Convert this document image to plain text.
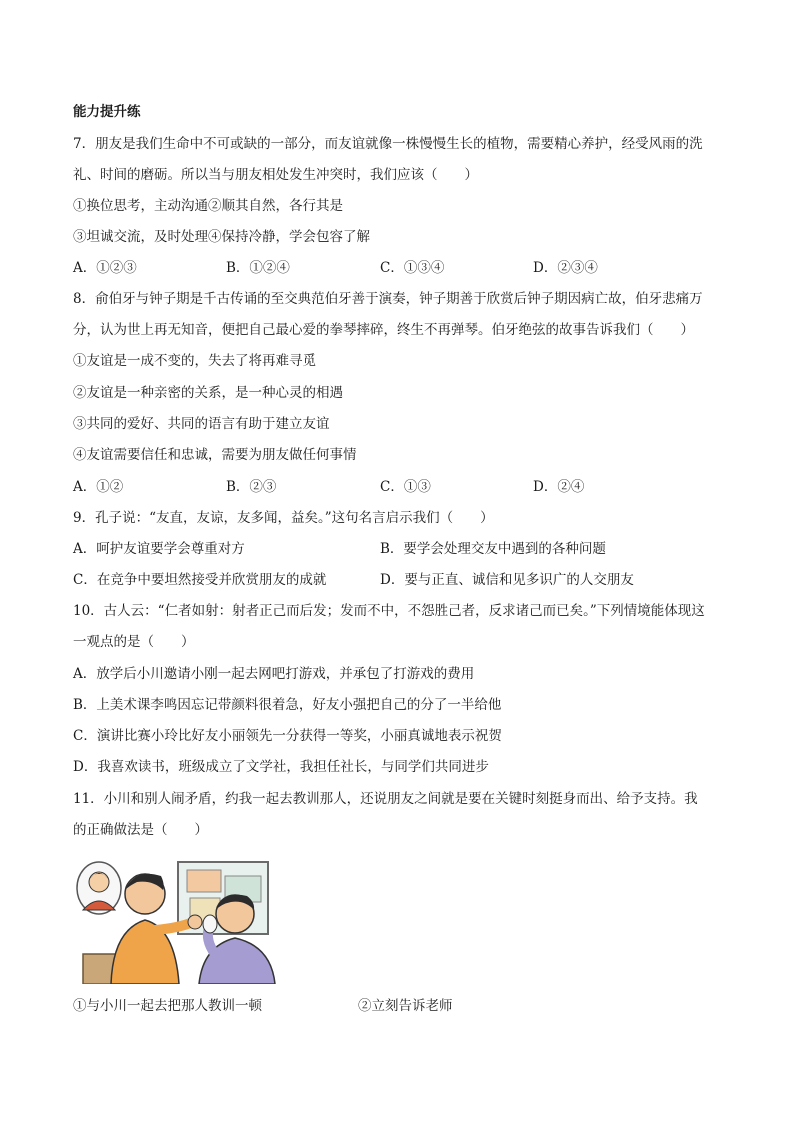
能力提升练
7．朋友是我们生命中不可或缺的一部分，而友谊就像一株慢慢生长的植物，需要精心养护，经受风雨的洗
礼、时间的磨砺。所以当与朋友相处发生冲突时，我们应该（　　）
①换位思考，主动沟通②顺其自然，各行其是
③坦诚交流，及时处理④保持冷静，学会包容了解
A．①②③	B．①②④	C．①③④	D．②③④
8．俞伯牙与钟子期是千古传诵的至交典范伯牙善于演奏，钟子期善于欣赏后钟子期因病亡故，伯牙悲痛万
分，认为世上再无知音，便把自己最心爱的拳琴摔碎，终生不再弹琴。伯牙绝弦的故事告诉我们（　　）
①友谊是一成不变的，失去了将再难寻觅
②友谊是一种亲密的关系，是一种心灵的相遇
③共同的爱好、共同的语言有助于建立友谊
④友谊需要信任和忠诚，需要为朋友做任何事情
A．①②	B．②③	C．①③	D．②④
9．孔子说：“友直，友谅，友多闻，益矣。”这句名言启示我们（　　）
A．呵护友谊要学会尊重对方	B．要学会处理交友中遇到的各种问题
C．在竞争中要坦然接受并欣赏朋友的成就	D．要与正直、诚信和见多识广的人交朋友
10．古人云：“仁者如射：射者正己而后发；发而不中，不怨胜己者，反求诸己而已矣。”下列情境能体现这
一观点的是（　　）
A．放学后小川邀请小刚一起去网吧打游戏，并承包了打游戏的费用
B．上美术课李鸣因忘记带颜料很着急，好友小强把自己的分了一半给他
C．演讲比赛小玲比好友小丽领先一分获得一等奖，小丽真诚地表示祝贺
D．我喜欢读书，班级成立了文学社，我担任社长，与同学们共同进步
11．小川和别人闹矛盾，约我一起去教训那人，还说朋友之间就是要在关键时刻挺身而出、给予支持。我
的正确做法是（　　）
①与小川一起去把那人教训一顿	②立刻告诉老师
